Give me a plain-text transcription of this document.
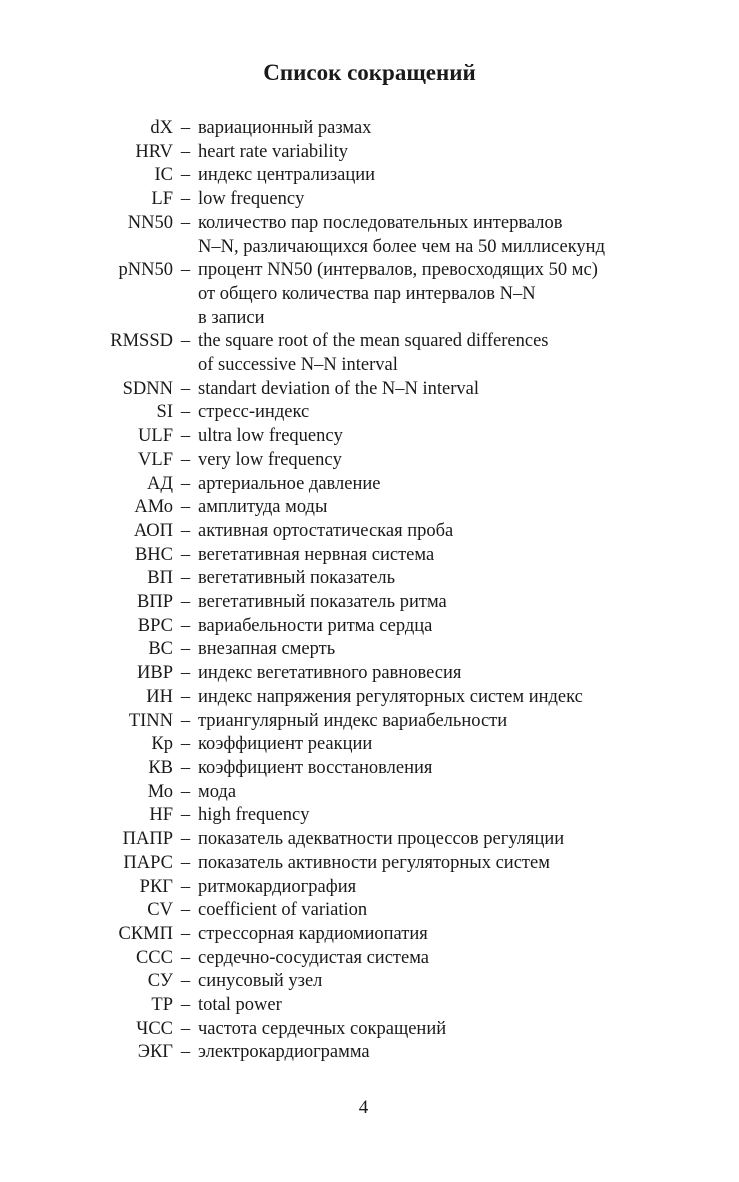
Список сокращений
dX – вариационный размах
HRV – heart rate variability
IC – индекс централизации
LF – low frequency
NN50 – количество пар последовательных интервалов
N–N, различающихся более чем на 50 миллисекунд
pNN50 – процент NN50 (интервалов, превосходящих 50 мс)
от общего количества пар интервалов N–N
в записи
RMSSD – the square root of the mean squared differences
of successive N–N interval
SDNN – standart deviation of the N–N interval
SI – стресс-индекс
ULF – ultra low frequency
VLF – very low frequency
АД – артериальное давление
АМо – амплитуда моды
АОП – активная ортостатическая проба
ВНС – вегетативная нервная система
ВП – вегетативный показатель
ВПР – вегетативный показатель ритма
ВРС – вариабельности ритма сердца
ВС – внезапная смерть
ИВР – индекс вегетативного равновесия
ИН – индекс напряжения регуляторных систем индекс
TINN – триангулярный индекс вариабельности
Кр – коэффициент реакции
КВ – коэффициент восстановления
Мо – мода
HF – high frequency
ПАПР – показатель адекватности процессов регуляции
ПАРС – показатель активности регуляторных систем
РКГ – ритмокардиография
CV – coefficient of variation
СКМП – стрессорная кардиомиопатия
ССС – сердечно-сосудистая система
СУ – синусовый узел
TP – total power
ЧСС – частота сердечных сокращений
ЭКГ – электрокардиограмма
4
